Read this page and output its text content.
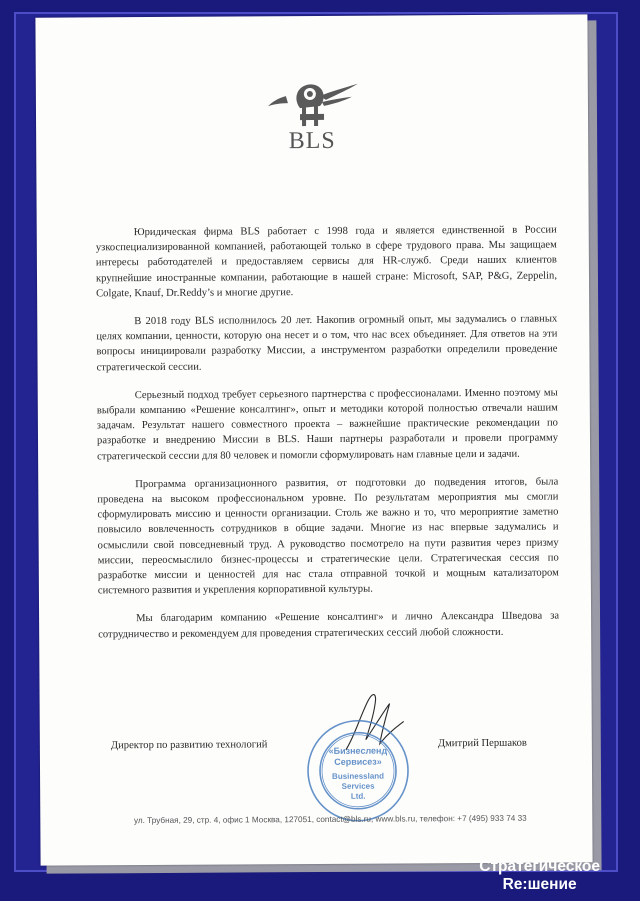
BLS

Юридическая фирма BLS работает с 1998 года и является единственной в России узкоспециализированной компанией, работающей только в сфере трудового права. Мы защищаем интересы работодателей и предоставляем сервисы для HR-служб. Среди наших клиентов крупнейшие иностранные компании, работающие в нашей стране: Microsoft, SAP, P&G, Zeppelin, Colgate, Knauf, Dr.Reddy’s и многие другие.

В 2018 году BLS исполнилось 20 лет. Накопив огромный опыт, мы задумались о главных целях компании, ценности, которую она несет и о том, что нас всех объединяет. Для ответов на эти вопросы инициировали разработку Миссии, а инструментом разработки определили проведение стратегической сессии.

Серьезный подход требует серьезного партнерства с профессионалами. Именно поэтому мы выбрали компанию «Решение консалтинг», опыт и методики которой полностью отвечали нашим задачам. Результат нашего совместного проекта – важнейшие практические рекомендации по разработке и внедрению Миссии в BLS. Наши партнеры разработали и провели программу стратегической сессии для 80 человек и помогли сформулировать нам главные цели и задачи.

Программа организационного развития, от подготовки до подведения итогов, была проведена на высоком профессиональном уровне. По результатам мероприятия мы смогли сформулировать миссию и ценности организации. Столь же важно и то, что мероприятие заметно повысило вовлеченность сотрудников в общие задачи. Многие из нас впервые задумались и осмыслили свой повседневный труд. А руководство посмотрело на пути развития через призму миссии, переосмыслило бизнес-процессы и стратегические цели. Стратегическая сессия по разработке миссии и ценностей для нас стала отправной точкой и мощным катализатором системного развития и укрепления корпоративной культуры.

Мы благодарим компанию «Решение консалтинг» и лично Александра Шведова за сотрудничество и рекомендуем для проведения стратегических сессий любой сложности.

«Бизнесленд
Сервисез»
Businessland
Services
Ltd.
Директор по развитию технологий	Дмитрий Першаков
ул. Трубная, 29, стр. 4, офис 1 Москва, 127051, contact@bls.ru, www.bls.ru, телефон: +7 (495) 933 74 33
Стратегическое
Re:шение
